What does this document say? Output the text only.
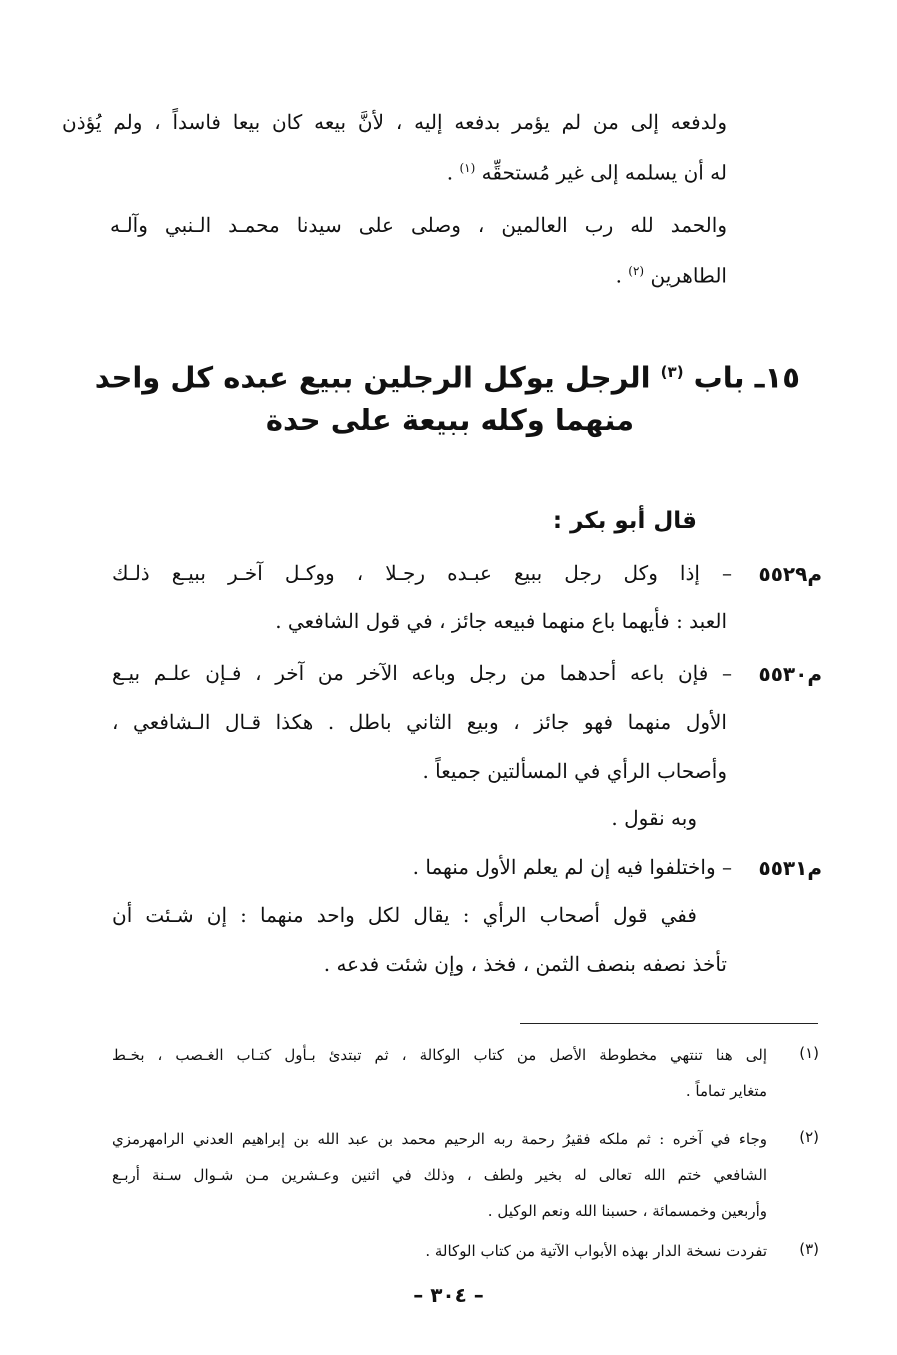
ولدفعه إلى من لم يؤمر بدفعه إليه ، لأنَّ بيعه كان بيعا فاسداً ، ولم يُؤذن
له أن يسلمه إلى غير مُستحقِّه $^{(١)}$ .
والحمد لله رب العالمين ، وصلى على سيدنا محمـد الـنبي وآلـه
الطاهرين $^{(٢)}$ .
١٥ـ باب $^{(٣)}$ الرجل يوكل الرجلين ببيع عبده كل واحد
منهما وكله ببيعة على حدة
قال أبو بكر :
م٥٥٢٩
– إذا وكل رجل ببيع عبـده رجـلا ، ووكـل آخـر ببيـع ذلـك
العبد : فأيهما باع منهما فبيعه جائز ، في قول الشافعي .
م٥٥٣٠
– فإن باعه أحدهما من رجل وباعه الآخر من آخر ، فـإن علـم بيـع
الأول منهما فهو جائز ، وبيع الثاني باطل . هكذا قـال الـشافعي ،
وأصحاب الرأي في المسألتين جميعاً .
وبه نقول .
م٥٥٣١
– واختلفوا فيه إن لم يعلم الأول منهما .
ففي قول أصحاب الرأي : يقال لكل واحد منهما : إن شـئت أن
تأخذ نصفه بنصف الثمن ، فخذ ، وإن شئت فدعه .
(١)
إلى هنا تنتهي مخطوطة الأصل من كتاب الوكالة ، ثم تبتدئ بـأول كتـاب الغـصب ، بخـط
متغاير تماماً .
(٢)
وجاء في آخره : ثم ملكه فقيرُ رحمة ربه الرحيم محمد بن عبد الله بن إبراهيم العدني الرامهرمزي
الشافعي ختم الله تعالى له بخير ولطف ، وذلك في اثنين وعـشرين مـن شـوال سـنة أربـع
وأربعين وخمسمائة ، حسبنا الله ونعم الوكيل .
(٣)
تفردت نسخة الدار بهذه الأبواب الآتية من كتاب الوكالة .
– ٣٠٤ –
